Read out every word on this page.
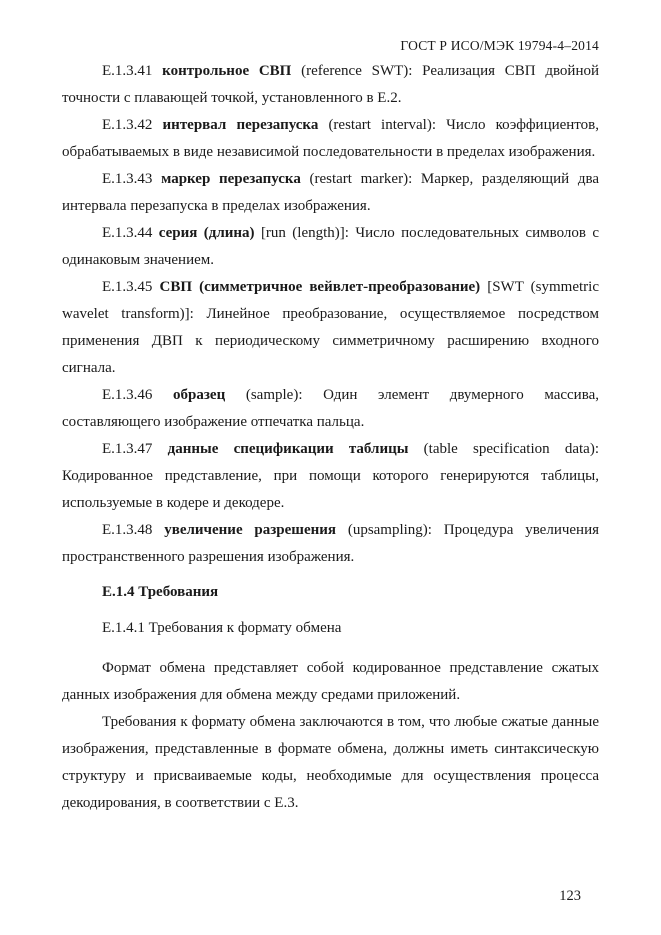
ГОСТ Р ИСО/МЭК 19794-4–2014

E.1.3.41 контрольное СВП (reference SWT): Реализация СВП двойной точности с плавающей точкой, установленного в E.2.

E.1.3.42 интервал перезапуска (restart interval): Число коэффициентов, обрабатываемых в виде независимой последовательности в пределах изображения.

E.1.3.43 маркер перезапуска (restart marker): Маркер, разделяющий два интервала перезапуска в пределах изображения.

E.1.3.44 серия (длина) [run (length)]: Число последовательных символов с одинаковым значением.

E.1.3.45 СВП (симметричное вейвлет-преобразование) [SWT (symmetric wavelet transform)]: Линейное преобразование, осуществляемое посредством применения ДВП к периодическому симметричному расширению входного сигнала.

E.1.3.46 образец (sample): Один элемент двумерного массива, составляющего изображение отпечатка пальца.

E.1.3.47 данные спецификации таблицы (table specification data): Кодированное представление, при помощи которого генерируются таблицы, используемые в кодере и декодере.

E.1.3.48 увеличение разрешения (upsampling): Процедура увеличения пространственного разрешения изображения.

E.1.4 Требования

E.1.4.1 Требования к формату обмена

Формат обмена представляет собой кодированное представление сжатых данных изображения для обмена между средами приложений.

Требования к формату обмена заключаются в том, что любые сжатые данные изображения, представленные в формате обмена, должны иметь синтаксическую структуру и присваиваемые коды, необходимые для осуществления процесса декодирования, в соответствии с E.3.

123
